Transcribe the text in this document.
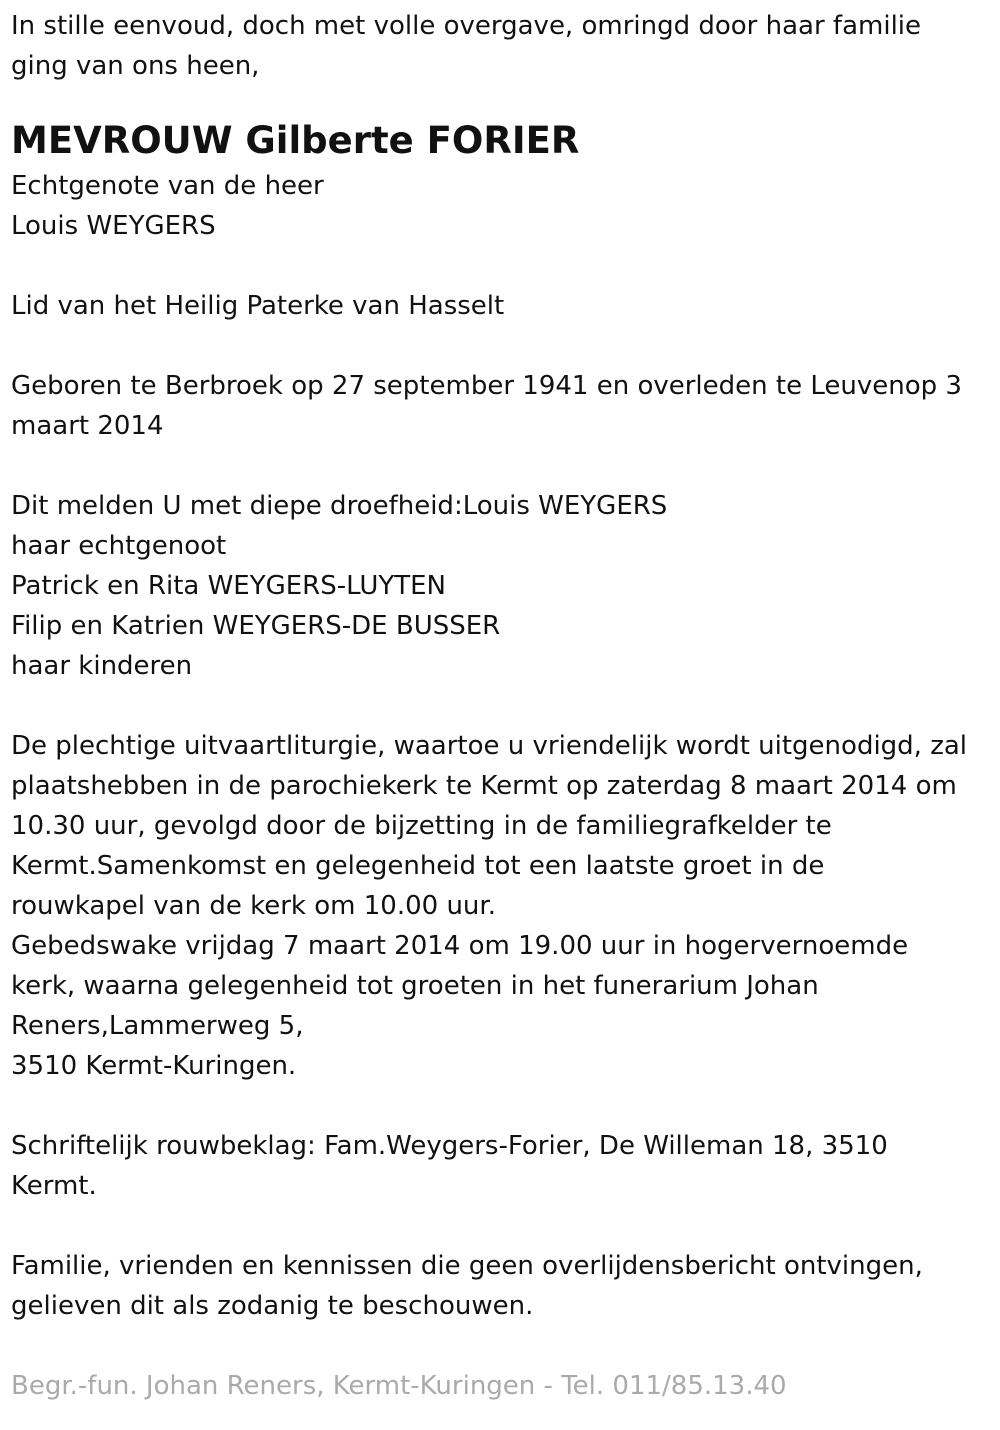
In stille eenvoud, doch met volle overgave, omringd door haar familie

ging van ons heen,

MEVROUW Gilberte FORIER

Echtgenote van de heer

Louis WEYGERS

Lid van het Heilig Paterke van Hasselt

Geboren te Berbroek op 27 september 1941 en overleden te Leuvenop 3

maart 2014

Dit melden U met diepe droefheid:Louis WEYGERS

haar echtgenoot

Patrick en Rita WEYGERS-LUYTEN

Filip en Katrien WEYGERS-DE BUSSER

haar kinderen

De plechtige uitvaartliturgie, waartoe u vriendelijk wordt uitgenodigd, zal

plaatshebben in de parochiekerk te Kermt op zaterdag 8 maart 2014 om

10.30 uur, gevolgd door de bijzetting in de familiegrafkelder te

Kermt.Samenkomst en gelegenheid tot een laatste groet in de

rouwkapel van de kerk om 10.00 uur.

Gebedswake vrijdag 7 maart 2014 om 19.00 uur in hogervernoemde

kerk, waarna gelegenheid tot groeten in het funerarium Johan

Reners,Lammerweg 5,

3510 Kermt-Kuringen.

Schriftelijk rouwbeklag: Fam.Weygers-Forier, De Willeman 18, 3510

Kermt.

Familie, vrienden en kennissen die geen overlijdensbericht ontvingen,

gelieven dit als zodanig te beschouwen.

Begr.-fun. Johan Reners, Kermt-Kuringen - Tel. 011/85.13.40
